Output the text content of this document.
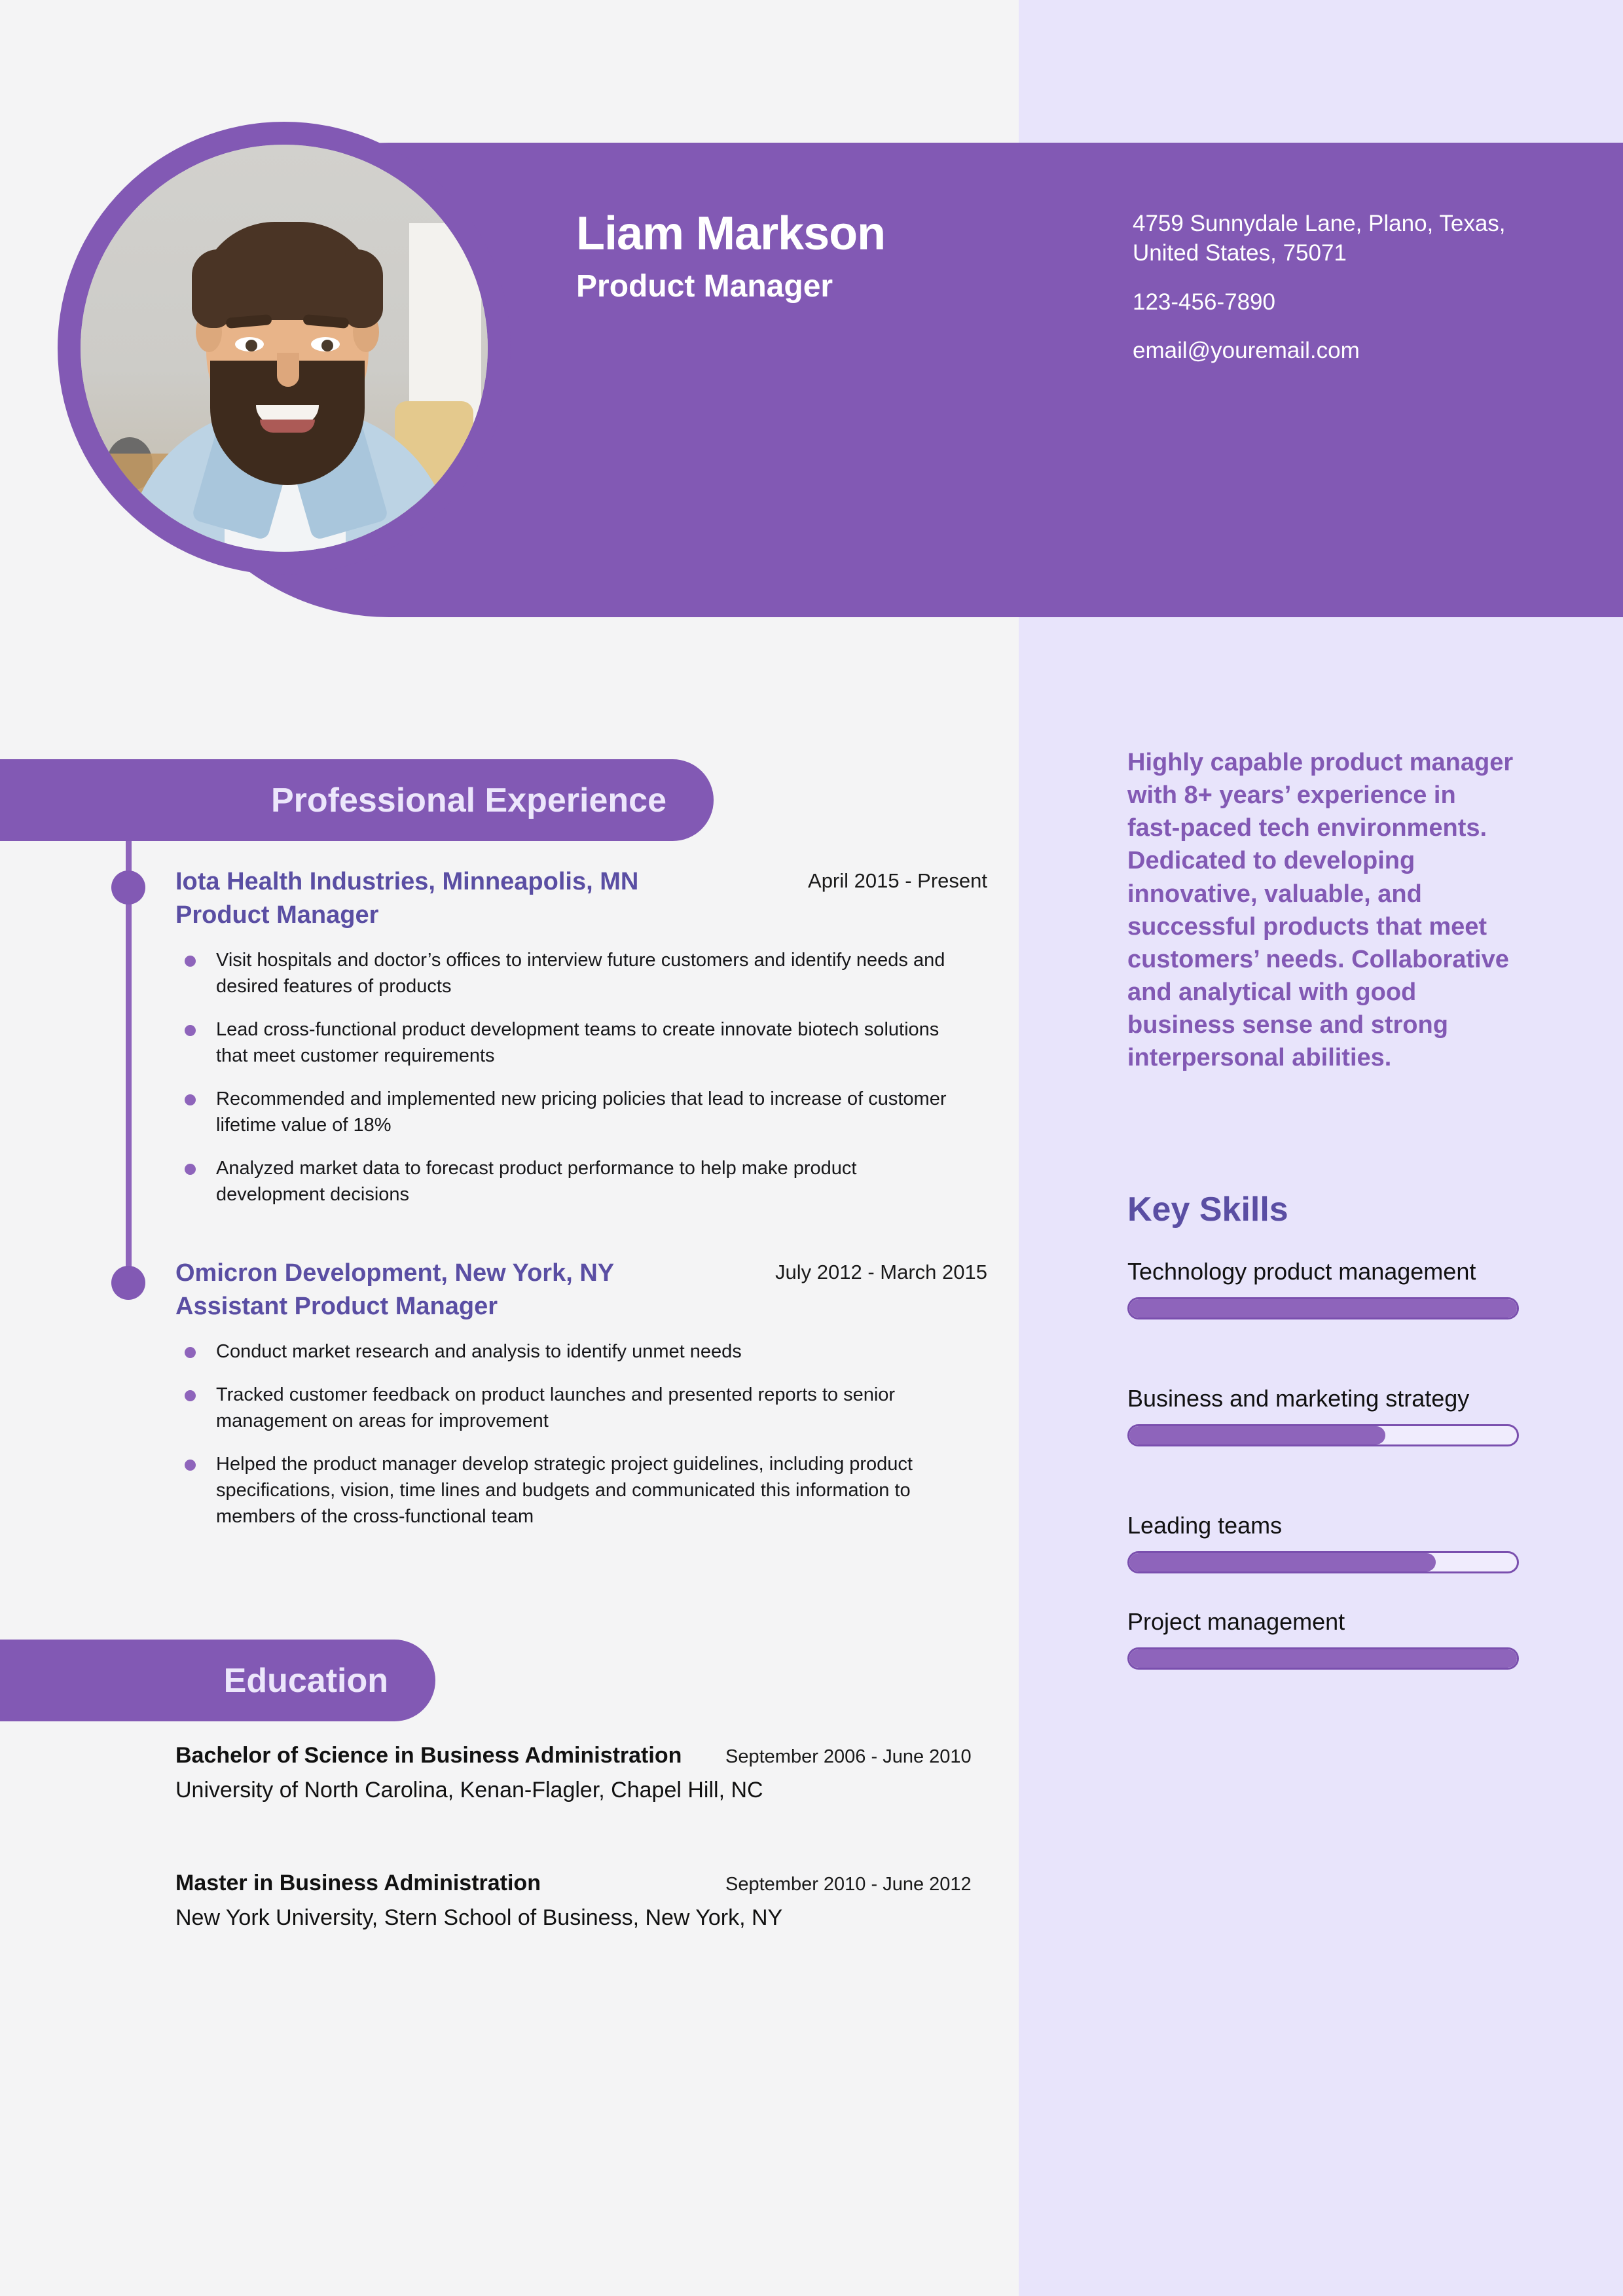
Liam Markson
Product Manager
4759 Sunnydale Lane, Plano, Texas, United States, 75071
123-456-7890
email@youremail.com
Professional Experience
Education
Iota Health Industries, Minneapolis, MN
Product Manager
April 2015 - Present
Visit hospitals and doctor’s offices to interview future customers and identify needs and desired features of products
Lead cross-functional product development teams to create innovate biotech solutions that meet customer requirements
Recommended and implemented new pricing policies that lead to increase of customer lifetime value of 18%
Analyzed market data to forecast product performance to help make product development decisions
Omicron Development, New York, NY
Assistant Product Manager
July 2012 - March 2015
Conduct market research and analysis to identify unmet needs
Tracked customer feedback on product launches and presented reports to senior management on areas for improvement
Helped the product manager develop strategic project guidelines, including product specifications, vision, time lines and budgets and communicated this information to members of the cross-functional team
Bachelor of Science in Business Administration
University of North Carolina, Kenan-Flagler, Chapel Hill, NC
September 2006 - June 2010
Master in Business Administration
New York University, Stern School of Business, New York, NY
September 2010 - June 2012
Highly capable product manager with 8+ years’ experience in fast-paced tech environments. Dedicated to developing innovative, valuable, and successful products that meet customers’ needs. Collaborative and analytical with good business sense and strong interpersonal abilities.
Key Skills
Technology product management
Business and marketing strategy
Leading teams
Project management
